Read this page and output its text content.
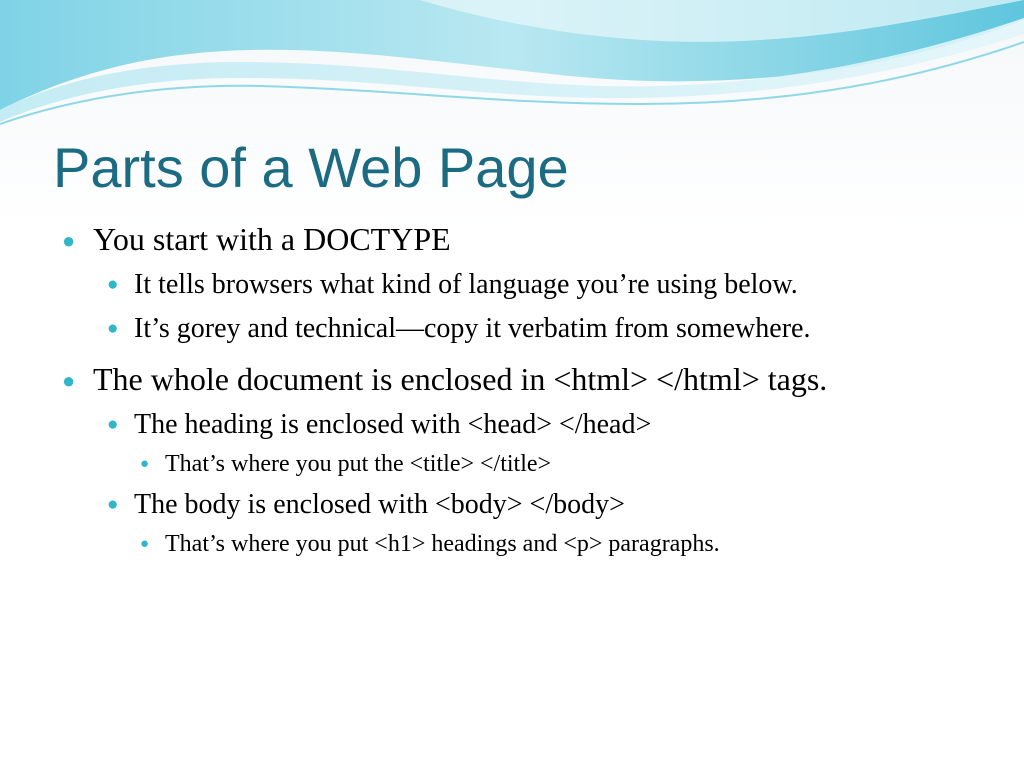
Parts of a Web Page
● You start with a DOCTYPE
● It tells browsers what kind of language you’re using below.
● It’s gorey and technical—copy it verbatim from somewhere.
● The whole document is enclosed in <html> </html> tags.
● The heading is enclosed with <head> </head>
● That’s where you put the <title> </title>
● The body is enclosed with <body> </body>
● That’s where you put <h1> headings and <p> paragraphs.
